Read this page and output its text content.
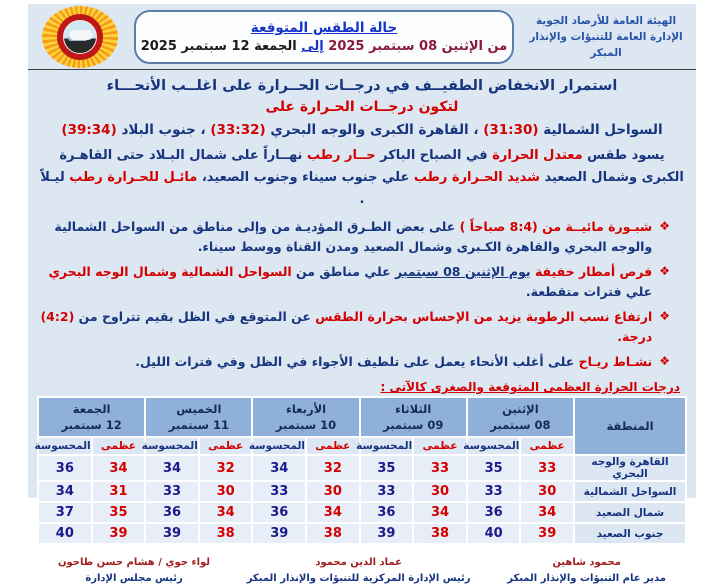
الهيئة العامة للأرصاد الجوية
الإدارة العامة للتنبؤات والإنذار المبكر
حالة الطقس المتوقعة
من الإثنين 08 سبتمبر 2025 إلى الجمعة 12 سبتمبر 2025
استمرار الانخفاض الطفيــف في درجــات الحــرارة على اغلــب الأنحـــاء
لتكون درجــات الحـرارة على
السواحل الشمالية (31:30) ، القاهرة الكبرى والوجه البحري (33:32) ، جنوب البلاد (39:34)
يسود طقس معتدل الحرارة في الصباح الباكر حــار رطب نهــاراً على شمال البـلاد حتى القاهـرة الكبرى وشمال الصعيد شديد الحـرارة رطب علي جنوب سيناء وجنوب الصعيد، مائـل للحـرارة رطب ليـلاً .
❖
شبـورة مائيــة من (8:4 صباحاً ) على بعض الطـرق المؤديـة من وإلى مناطق من السواحل الشمالية والوجه البحري والقاهرة الكـبرى وشمال الصعيد ومدن القناة ووسط سيناء.
❖
فرص أمطار خفيفة يوم الإثنين 08 سبتمبر علي مناطق من السواحل الشمالية وشمال الوجه البحري علي فترات متقطعة.
❖
ارتفاع نسب الرطوبة يزيد من الإحساس بحرارة الطقس عن المتوقع في الظل بقيم تتراوح من (4:2) درجة.
❖
نشـاط ريـاح على أغلب الأنحاء يعمل على تلطيف الأجواء في الظل وفي فترات الليل.
درجات الحرارة العظمى المتوقعة والصغرى كالآتى :
المنطقة	
الإثنين
08 سبتمبر

الثلاثاء
09 سبتمبر

الأربعاء
10 سبتمبر

الخميس
11 سبتمبر

الجمعة
12 سبتمبر

	عظمى	المحسوسة	عظمى	المحسوسة	عظمى	المحسوسة	عظمى	المحسوسة	عظمى	المحسوسة
القاهرة والوجه البحري	33	35	33	35	32	34	32	34	34	36
السواحل الشمالية	30	33	30	33	30	33	30	33	31	34
شمال الصعيد	34	36	34	36	34	36	34	36	35	37
جنوب الصعيد	39	40	38	39	38	39	38	39	39	40
محمود شاهين
مدير عام التنبؤات والإنذار المبكر
عماد الدين محمود
رئيس الإدارة المركزية للتنبؤات والإنذار المبكر
لواء جوي / هشام حسن طاحون
رئيس مجلس الإدارة
